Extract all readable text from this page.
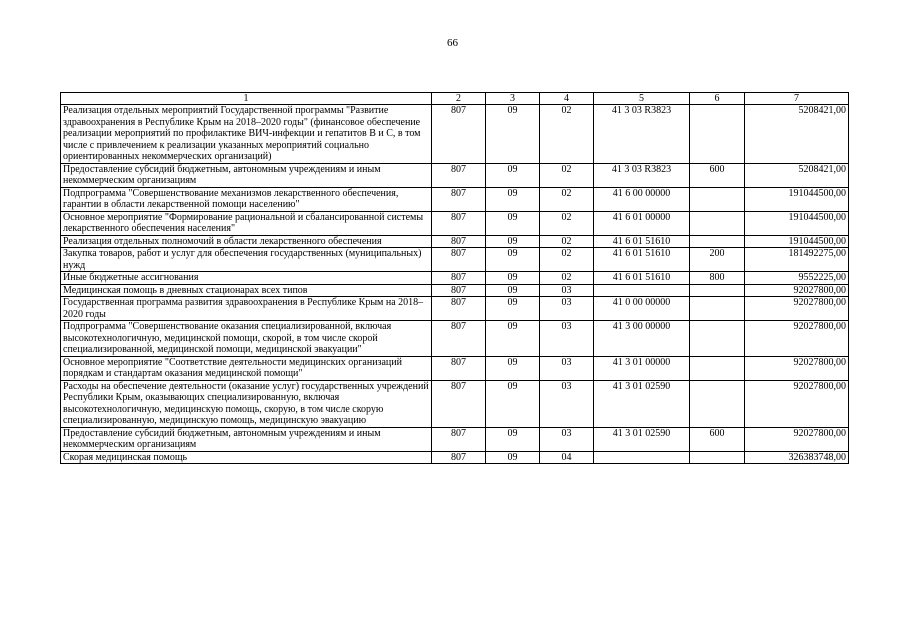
66
1	2	3	4	5	6	7
Реализация отдельных мероприятий Государственной программы "Развитие здравоохранения в Республике Крым на 2018–2020 годы" (финансовое обеспечение реализации мероприятий по профилактике ВИЧ-инфекции и гепатитов В и С, в том числе с привлечением к реализации указанных мероприятий социально ориентированных некоммерческих организаций)	807	09	02	41 3 03 R3823		5208421,00
Предоставление субсидий бюджетным, автономным учреждениям и иным некоммерческим организациям	807	09	02	41 3 03 R3823	600	5208421,00
Подпрограмма "Совершенствование механизмов лекарственного обеспечения, гарантии в области лекарственной помощи населению"	807	09	02	41 6 00 00000		191044500,00
Основное мероприятие "Формирование рациональной и сбалансированной системы лекарственного обеспечения населения"	807	09	02	41 6 01 00000		191044500,00
Реализация отдельных полномочий в области лекарственного обеспечения	807	09	02	41 6 01 51610		191044500,00
Закупка товаров, работ и услуг для обеспечения государственных (муниципальных) нужд	807	09	02	41 6 01 51610	200	181492275,00
Иные бюджетные ассигнования	807	09	02	41 6 01 51610	800	9552225,00
Медицинская помощь в дневных стационарах всех типов	807	09	03			92027800,00
Государственная программа развития здравоохранения в Республике Крым на 2018–2020 годы	807	09	03	41 0 00 00000		92027800,00
Подпрограмма "Совершенствование оказания специализированной, включая высокотехнологичную, медицинской помощи, скорой, в том числе скорой специализированной, медицинской помощи, медицинской эвакуации"	807	09	03	41 3 00 00000		92027800,00
Основное мероприятие "Соответствие деятельности медицинских организаций порядкам и стандартам оказания медицинской помощи"	807	09	03	41 3 01 00000		92027800,00
Расходы на обеспечение деятельности (оказание услуг) государственных учреждений Республики Крым, оказывающих специализированную, включая высокотехнологичную, медицинскую помощь, скорую, в том числе скорую специализированную, медицинскую помощь, медицинскую эвакуацию	807	09	03	41 3 01 02590		92027800,00
Предоставление субсидий бюджетным, автономным учреждениям и иным некоммерческим организациям	807	09	03	41 3 01 02590	600	92027800,00
Скорая медицинская помощь	807	09	04			326383748,00
